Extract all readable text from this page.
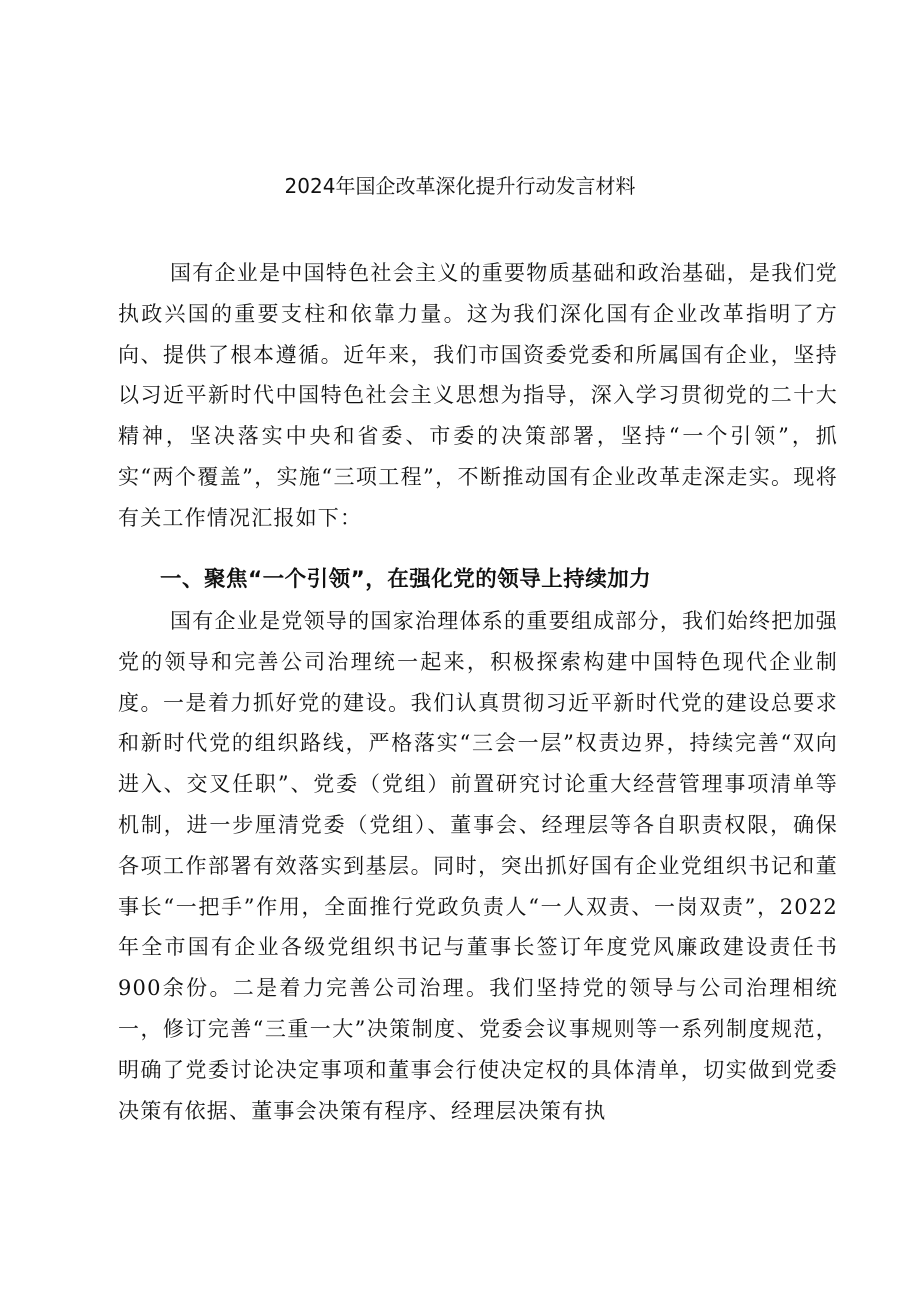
2024年国企改革深化提升行动发言材料

国有企业是中国特色社会主义的重要物质基础和政治基础，是我们党执政兴国的重要支柱和依靠力量。这为我们深化国有企业改革指明了方向、提供了根本遵循。近年来，我们市国资委党委和所属国有企业，坚持以习近平新时代中国特色社会主义思想为指导，深入学习贯彻党的二十大精神，坚决落实中央和省委、市委的决策部署，坚持“一个引领”，抓实“两个覆盖”，实施“三项工程”，不断推动国有企业改革走深走实。现将有关工作情况汇报如下：

一、聚焦“一个引领”，在强化党的领导上持续加力

国有企业是党领导的国家治理体系的重要组成部分，我们始终把加强党的领导和完善公司治理统一起来，积极探索构建中国特色现代企业制度。一是着力抓好党的建设。我们认真贯彻习近平新时代党的建设总要求和新时代党的组织路线，严格落实“三会一层”权责边界，持续完善“双向进入、交叉任职”、党委（党组）前置研究讨论重大经营管理事项清单等机制，进一步厘清党委（党组）、董事会、经理层等各自职责权限，确保各项工作部署有效落实到基层。同时，突出抓好国有企业党组织书记和董事长“一把手”作用，全面推行党政负责人“一人双责、一岗双责”，2022年全市国有企业各级党组织书记与董事长签订年度党风廉政建设责任书900余份。二是着力完善公司治理。我们坚持党的领导与公司治理相统一，修订完善“三重一大”决策制度、党委会议事规则等一系列制度规范，明确了党委讨论决定事项和董事会行使决定权的具体清单，切实做到党委决策有依据、董事会决策有程序、经理层决策有执
